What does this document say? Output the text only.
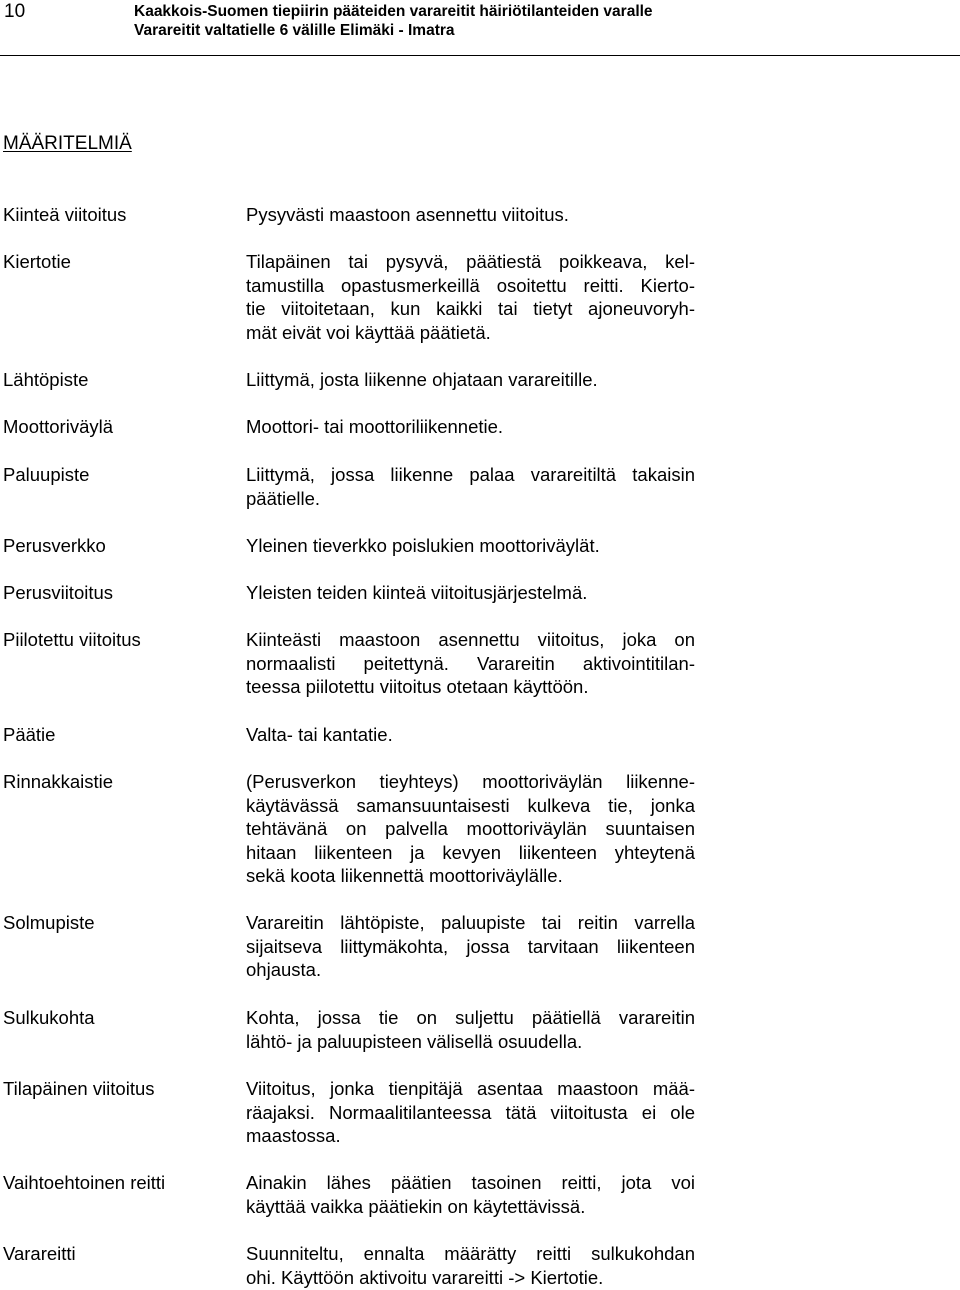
10	Kaakkois-Suomen tiepiirin pääteiden varareitit häiriötilanteiden varalle
Varareitit valtatielle 6 välille Elimäki - Imatra
MÄÄRITELMIÄ
Kiinteä viitoitus	Pysyvästi maastoon asennettu viitoitus.
Kiertotie	Tilapäinen tai pysyvä, päätiestä poikkeava, kel-
tamustilla opastusmerkeillä osoitettu reitti. Kierto-
tie viitoitetaan, kun kaikki tai tietyt ajoneuvoryh-
mät eivät voi käyttää päätietä.
Lähtöpiste	Liittymä, josta liikenne ohjataan varareitille.
Moottoriväylä	Moottori- tai moottoriliikennetie.
Paluupiste	Liittymä, jossa liikenne palaa varareitiltä takaisin
päätielle.
Perusverkko	Yleinen tieverkko poislukien moottoriväylät.
Perusviitoitus	Yleisten teiden kiinteä viitoitusjärjestelmä.
Piilotettu viitoitus	Kiinteästi maastoon asennettu viitoitus, joka on
normaalisti peitettynä. Varareitin aktivointitilan-
teessa piilotettu viitoitus otetaan käyttöön.
Päätie	Valta- tai kantatie.
Rinnakkaistie	(Perusverkon tieyhteys) moottoriväylän liikenne-
käytävässä samansuuntaisesti kulkeva tie, jonka
tehtävänä on palvella moottoriväylän suuntaisen
hitaan liikenteen ja kevyen liikenteen yhteytenä
sekä koota liikennettä moottoriväylälle.
Solmupiste	Varareitin lähtöpiste, paluupiste tai reitin varrella
sijaitseva liittymäkohta, jossa tarvitaan liikenteen
ohjausta.
Sulkukohta	Kohta, jossa tie on suljettu päätiellä varareitin
lähtö- ja paluupisteen välisellä osuudella.
Tilapäinen viitoitus	Viitoitus, jonka tienpitäjä asentaa maastoon mää-
räajaksi. Normaalitilanteessa tätä viitoitusta ei ole
maastossa.
Vaihtoehtoinen reitti	Ainakin lähes päätien tasoinen reitti, jota voi
käyttää vaikka päätiekin on käytettävissä.
Varareitti	Suunniteltu, ennalta määrätty reitti sulkukohdan
ohi. Käyttöön aktivoitu varareitti -> Kiertotie.
